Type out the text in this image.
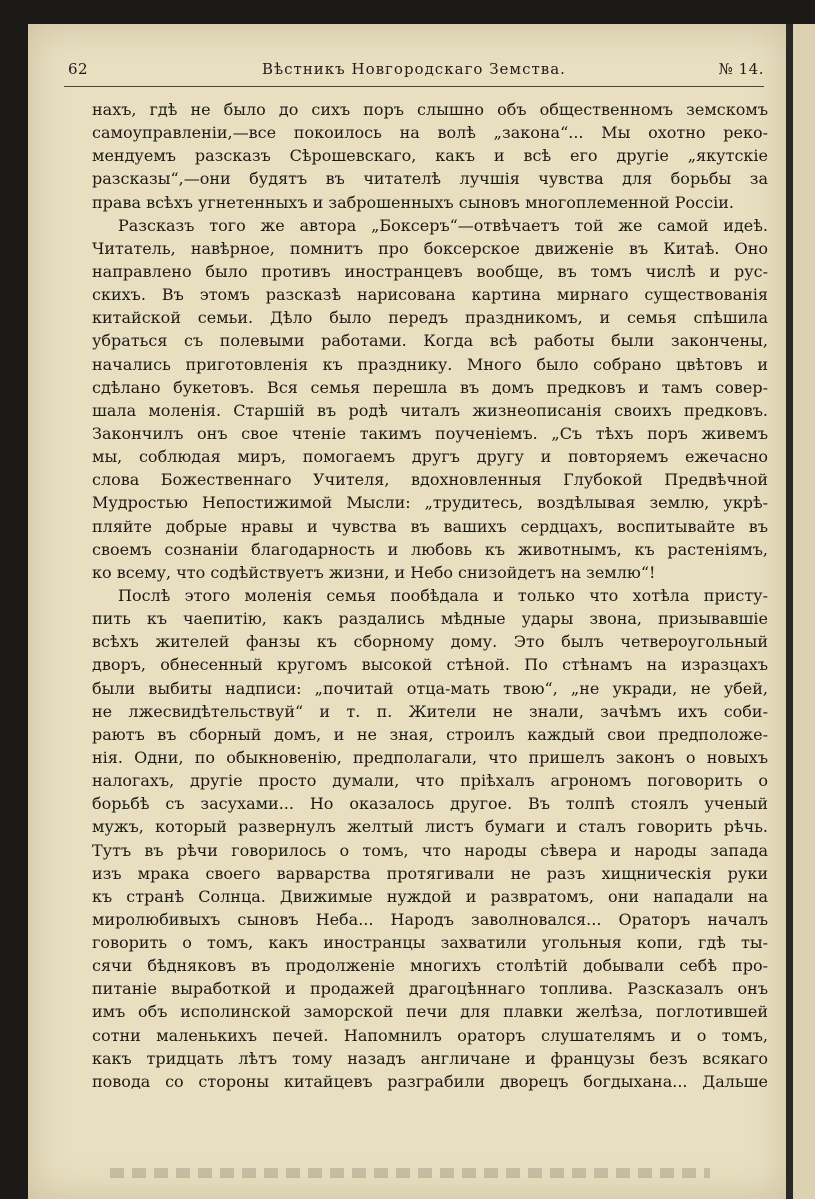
62	Вѣстникъ Новгородскаго Земства.	№ 14.
нахъ, гдѣ не было до сихъ поръ слышно объ общественномъ земскомъ
самоуправленіи,—все покоилось на волѣ „закона“... Мы охотно реко-
мендуемъ разсказъ Сѣрошевскаго, какъ и всѣ его другіе „якутскіе
разсказы“,—они будятъ въ читателѣ лучшія чувства для борьбы за
права всѣхъ угнетенныхъ и заброшенныхъ сыновъ многоплеменной Россіи.
Разсказъ того же автора „Боксеръ“—отвѣчаетъ той же самой идеѣ.
Читатель, навѣрное, помнитъ про боксерское движеніе въ Китаѣ. Оно
направлено было противъ иностранцевъ вообще, въ томъ числѣ и рус-
скихъ. Въ этомъ разсказѣ нарисована картина мирнаго существованія
китайской семьи. Дѣло было передъ праздникомъ, и семья спѣшила
убраться съ полевыми работами. Когда всѣ работы были закончены,
начались приготовленія къ празднику. Много было собрано цвѣтовъ и
сдѣлано букетовъ. Вся семья перешла въ домъ предковъ и тамъ совер-
шала моленія. Старшій въ родѣ читалъ жизнеописанія своихъ предковъ.
Закончилъ онъ свое чтеніе такимъ поученіемъ. „Съ тѣхъ поръ живемъ
мы, соблюдая миръ, помогаемъ другъ другу и повторяемъ ежечасно
слова Божественнаго Учителя, вдохновленныя Глубокой Предвѣчной
Мудростью Непостижимой Мысли: „трудитесь, воздѣлывая землю, укрѣ-
пляйте добрые нравы и чувства въ вашихъ сердцахъ, воспитывайте въ
своемъ сознаніи благодарность и любовь къ животнымъ, къ растеніямъ,
ко всему, что содѣйствуетъ жизни, и Небо снизойдетъ на землю“!
Послѣ этого моленія семья пообѣдала и только что хотѣла присту-
пить къ чаепитію, какъ раздались мѣдные удары звона, призывавшіе
всѣхъ жителей фанзы къ сборному дому. Это былъ четвероугольный
дворъ, обнесенный кругомъ высокой стѣной. По стѣнамъ на изразцахъ
были выбиты надписи: „почитай отца-мать твою“, „не укради, не убей,
не лжесвидѣтельствуй“ и т. п. Жители не знали, зачѣмъ ихъ соби-
раютъ въ сборный домъ, и не зная, строилъ каждый свои предположе-
нія. Одни, по обыкновенію, предполагали, что пришелъ законъ о новыхъ
налогахъ, другіе просто думали, что пріѣхалъ агрономъ поговорить о
борьбѣ съ засухами... Но оказалось другое. Въ толпѣ стоялъ ученый
мужъ, который развернулъ желтый листъ бумаги и сталъ говорить рѣчь.
Тутъ въ рѣчи говорилось о томъ, что народы сѣвера и народы запада
изъ мрака своего варварства протягивали не разъ хищническія руки
къ странѣ Солнца. Движимые нуждой и развратомъ, они нападали на
миролюбивыхъ сыновъ Неба... Народъ заволновался... Ораторъ началъ
говорить о томъ, какъ иностранцы захватили угольныя копи, гдѣ ты-
сячи бѣдняковъ въ продолженіе многихъ столѣтій добывали себѣ про-
питаніе выработкой и продажей драгоцѣннаго топлива. Разсказалъ онъ
имъ объ исполинской заморской печи для плавки желѣза, поглотившей
сотни маленькихъ печей. Напомнилъ ораторъ слушателямъ и о томъ,
какъ тридцать лѣтъ тому назадъ англичане и французы безъ всякаго
повода со стороны китайцевъ разграбили дворецъ богдыхана... Дальше
